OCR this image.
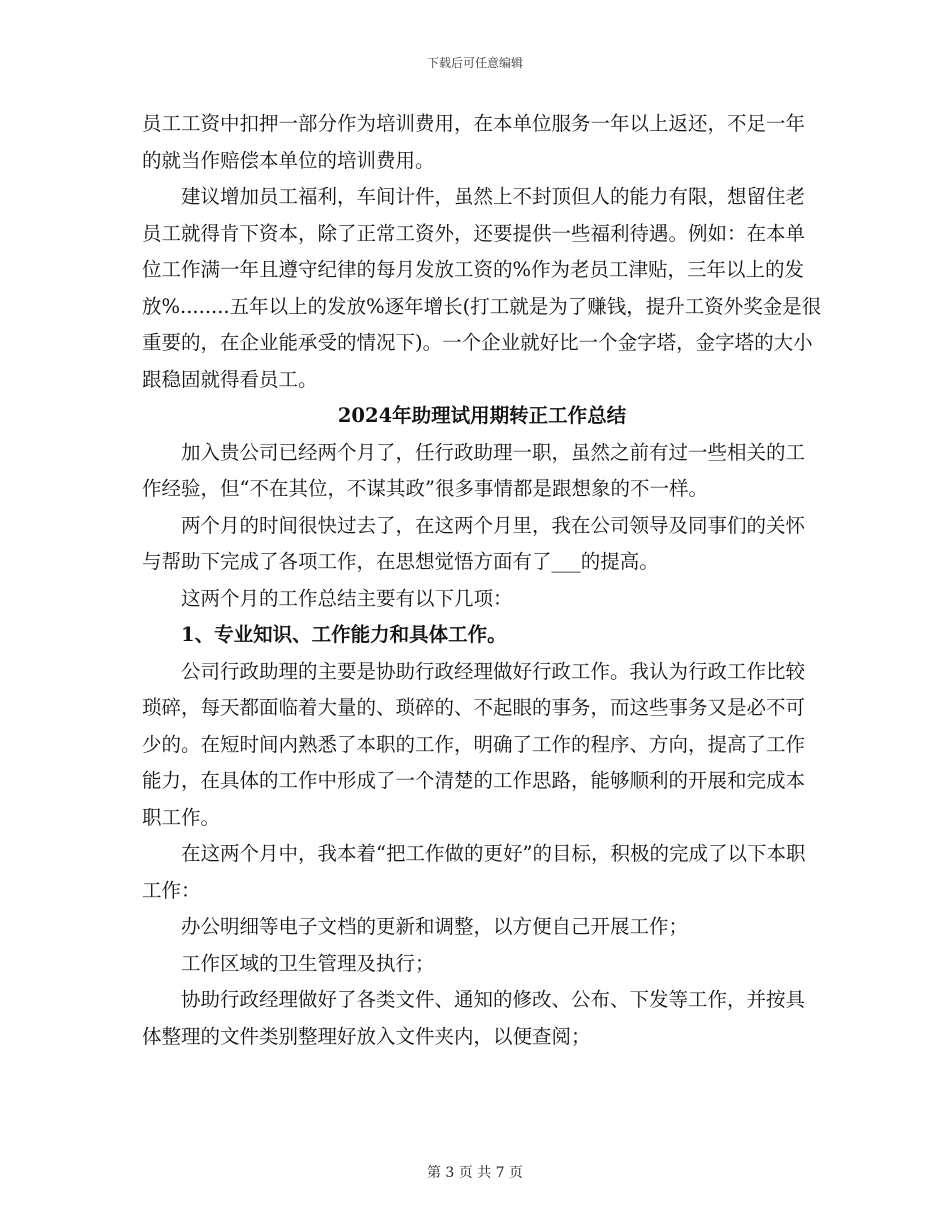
下载后可任意编辑

员工工资中扣押一部分作为培训费用，在本单位服务一年以上返还，不足一年的就当作赔偿本单位的培训费用。

建议增加员工福利，车间计件，虽然上不封顶但人的能力有限，想留住老员工就得肯下资本，除了正常工资外，还要提供一些福利待遇。例如：在本单位工作满一年且遵守纪律的每月发放工资的%作为老员工津贴，三年以上的发放%........五年以上的发放%逐年增长(打工就是为了赚钱，提升工资外奖金是很重要的，在企业能承受的情况下)。一个企业就好比一个金字塔，金字塔的大小跟稳固就得看员工。

2024年助理试用期转正工作总结

加入贵公司已经两个月了，任行政助理一职，虽然之前有过一些相关的工作经验，但“不在其位，不谋其政”很多事情都是跟想象的不一样。

两个月的时间很快过去了，在这两个月里，我在公司领导及同事们的关怀与帮助下完成了各项工作，在思想觉悟方面有了___的提高。

这两个月的工作总结主要有以下几项：

1、专业知识、工作能力和具体工作。

公司行政助理的主要是协助行政经理做好行政工作。我认为行政工作比较琐碎，每天都面临着大量的、琐碎的、不起眼的事务，而这些事务又是必不可少的。在短时间内熟悉了本职的工作，明确了工作的程序、方向，提高了工作能力，在具体的工作中形成了一个清楚的工作思路，能够顺利的开展和完成本职工作。

在这两个月中，我本着“把工作做的更好”的目标，积极的完成了以下本职工作：

办公明细等电子文档的更新和调整，以方便自己开展工作；

工作区域的卫生管理及执行；

协助行政经理做好了各类文件、通知的修改、公布、下发等工作，并按具体整理的文件类别整理好放入文件夹内，以便查阅；

第 3 页 共 7 页
